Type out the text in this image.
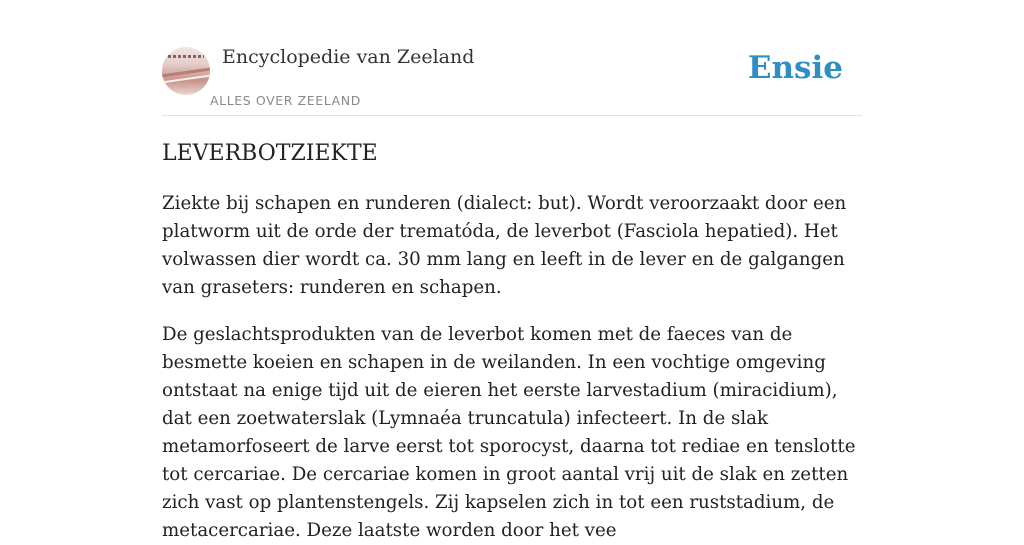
Encyclopedie van Zeeland
ALLES OVER ZEELAND
Ensie
LEVERBOTZIEKTE

Ziekte bij schapen en runderen (dialect: but). Wordt veroorzaakt door een platworm uit de orde der trematóda, de leverbot (Fasciola hepatied). Het volwassen dier wordt ca. 30 mm lang en leeft in de lever en de galgangen van graseters: runderen en schapen.

De geslachtsprodukten van de leverbot komen met de faeces van de besmette koeien en schapen in de weilanden. In een vochtige omgeving ontstaat na enige tijd uit de eieren het eerste larvestadium (miracidium), dat een zoetwaterslak (Lymnaéa truncatula) infecteert. In de slak metamorfoseert de larve eerst tot sporocyst, daarna tot rediae en tenslotte tot cercariae. De cercariae komen in groot aantal vrij uit de slak en zetten zich vast op plantenstengels. Zij kapselen zich in tot een ruststadium, de metacercariae. Deze laatste worden door het vee
